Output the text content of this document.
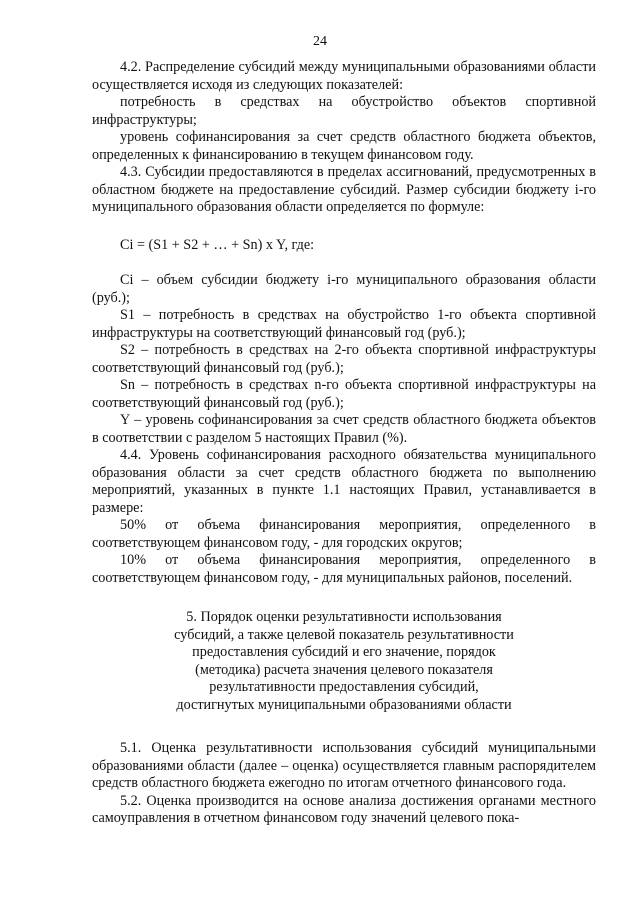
24

4.2. Распределение субсидий между муниципальными образованиями области осуществляется исходя из следующих показателей:

потребность в средствах на обустройство объектов спортивной инфраструктуры;

уровень софинансирования за счет средств областного бюджета объектов, определенных к финансированию в текущем финансовом году.

4.3. Субсидии предоставляются в пределах ассигнований, предусмотренных в областном бюджете на предоставление субсидий. Размер субсидии бюджету i-го муниципального образования области определяется по формуле:

Ci = (S1 + S2 + … + Sn) x Y, где:

Ci – объем субсидии бюджету i-го муниципального образования области (руб.);

S1 – потребность в средствах на обустройство 1-го объекта спортивной инфраструктуры на соответствующий финансовый год (руб.);

S2 – потребность в средствах на 2-го объекта спортивной инфраструктуры соответствующий финансовый год (руб.);

Sn – потребность в средствах n-го объекта спортивной инфраструктуры на соответствующий финансовый год (руб.);

Y – уровень софинансирования за счет средств областного бюджета объектов в соответствии с разделом 5 настоящих Правил (%).

4.4. Уровень софинансирования расходного обязательства муниципального образования области за счет средств областного бюджета по выполнению мероприятий, указанных в пункте 1.1 настоящих Правил, устанавливается в размере:

50% от объема финансирования мероприятия, определенного в соответствующем финансовом году, - для городских округов;

10% от объема финансирования мероприятия, определенного в соответствующем финансовом году, - для муниципальных районов, поселений.

5. Порядок оценки результативности использования
субсидий, а также целевой показатель результативности
предоставления субсидий и его значение, порядок
(методика) расчета значения целевого показателя
результативности предоставления субсидий,
достигнутых муниципальными образованиями области

5.1. Оценка результативности использования субсидий муниципальными образованиями области (далее – оценка) осуществляется главным распорядителем средств областного бюджета ежегодно по итогам отчетного финансового года.

5.2. Оценка производится на основе анализа достижения органами местного самоуправления в отчетном финансовом году значений целевого пока-
